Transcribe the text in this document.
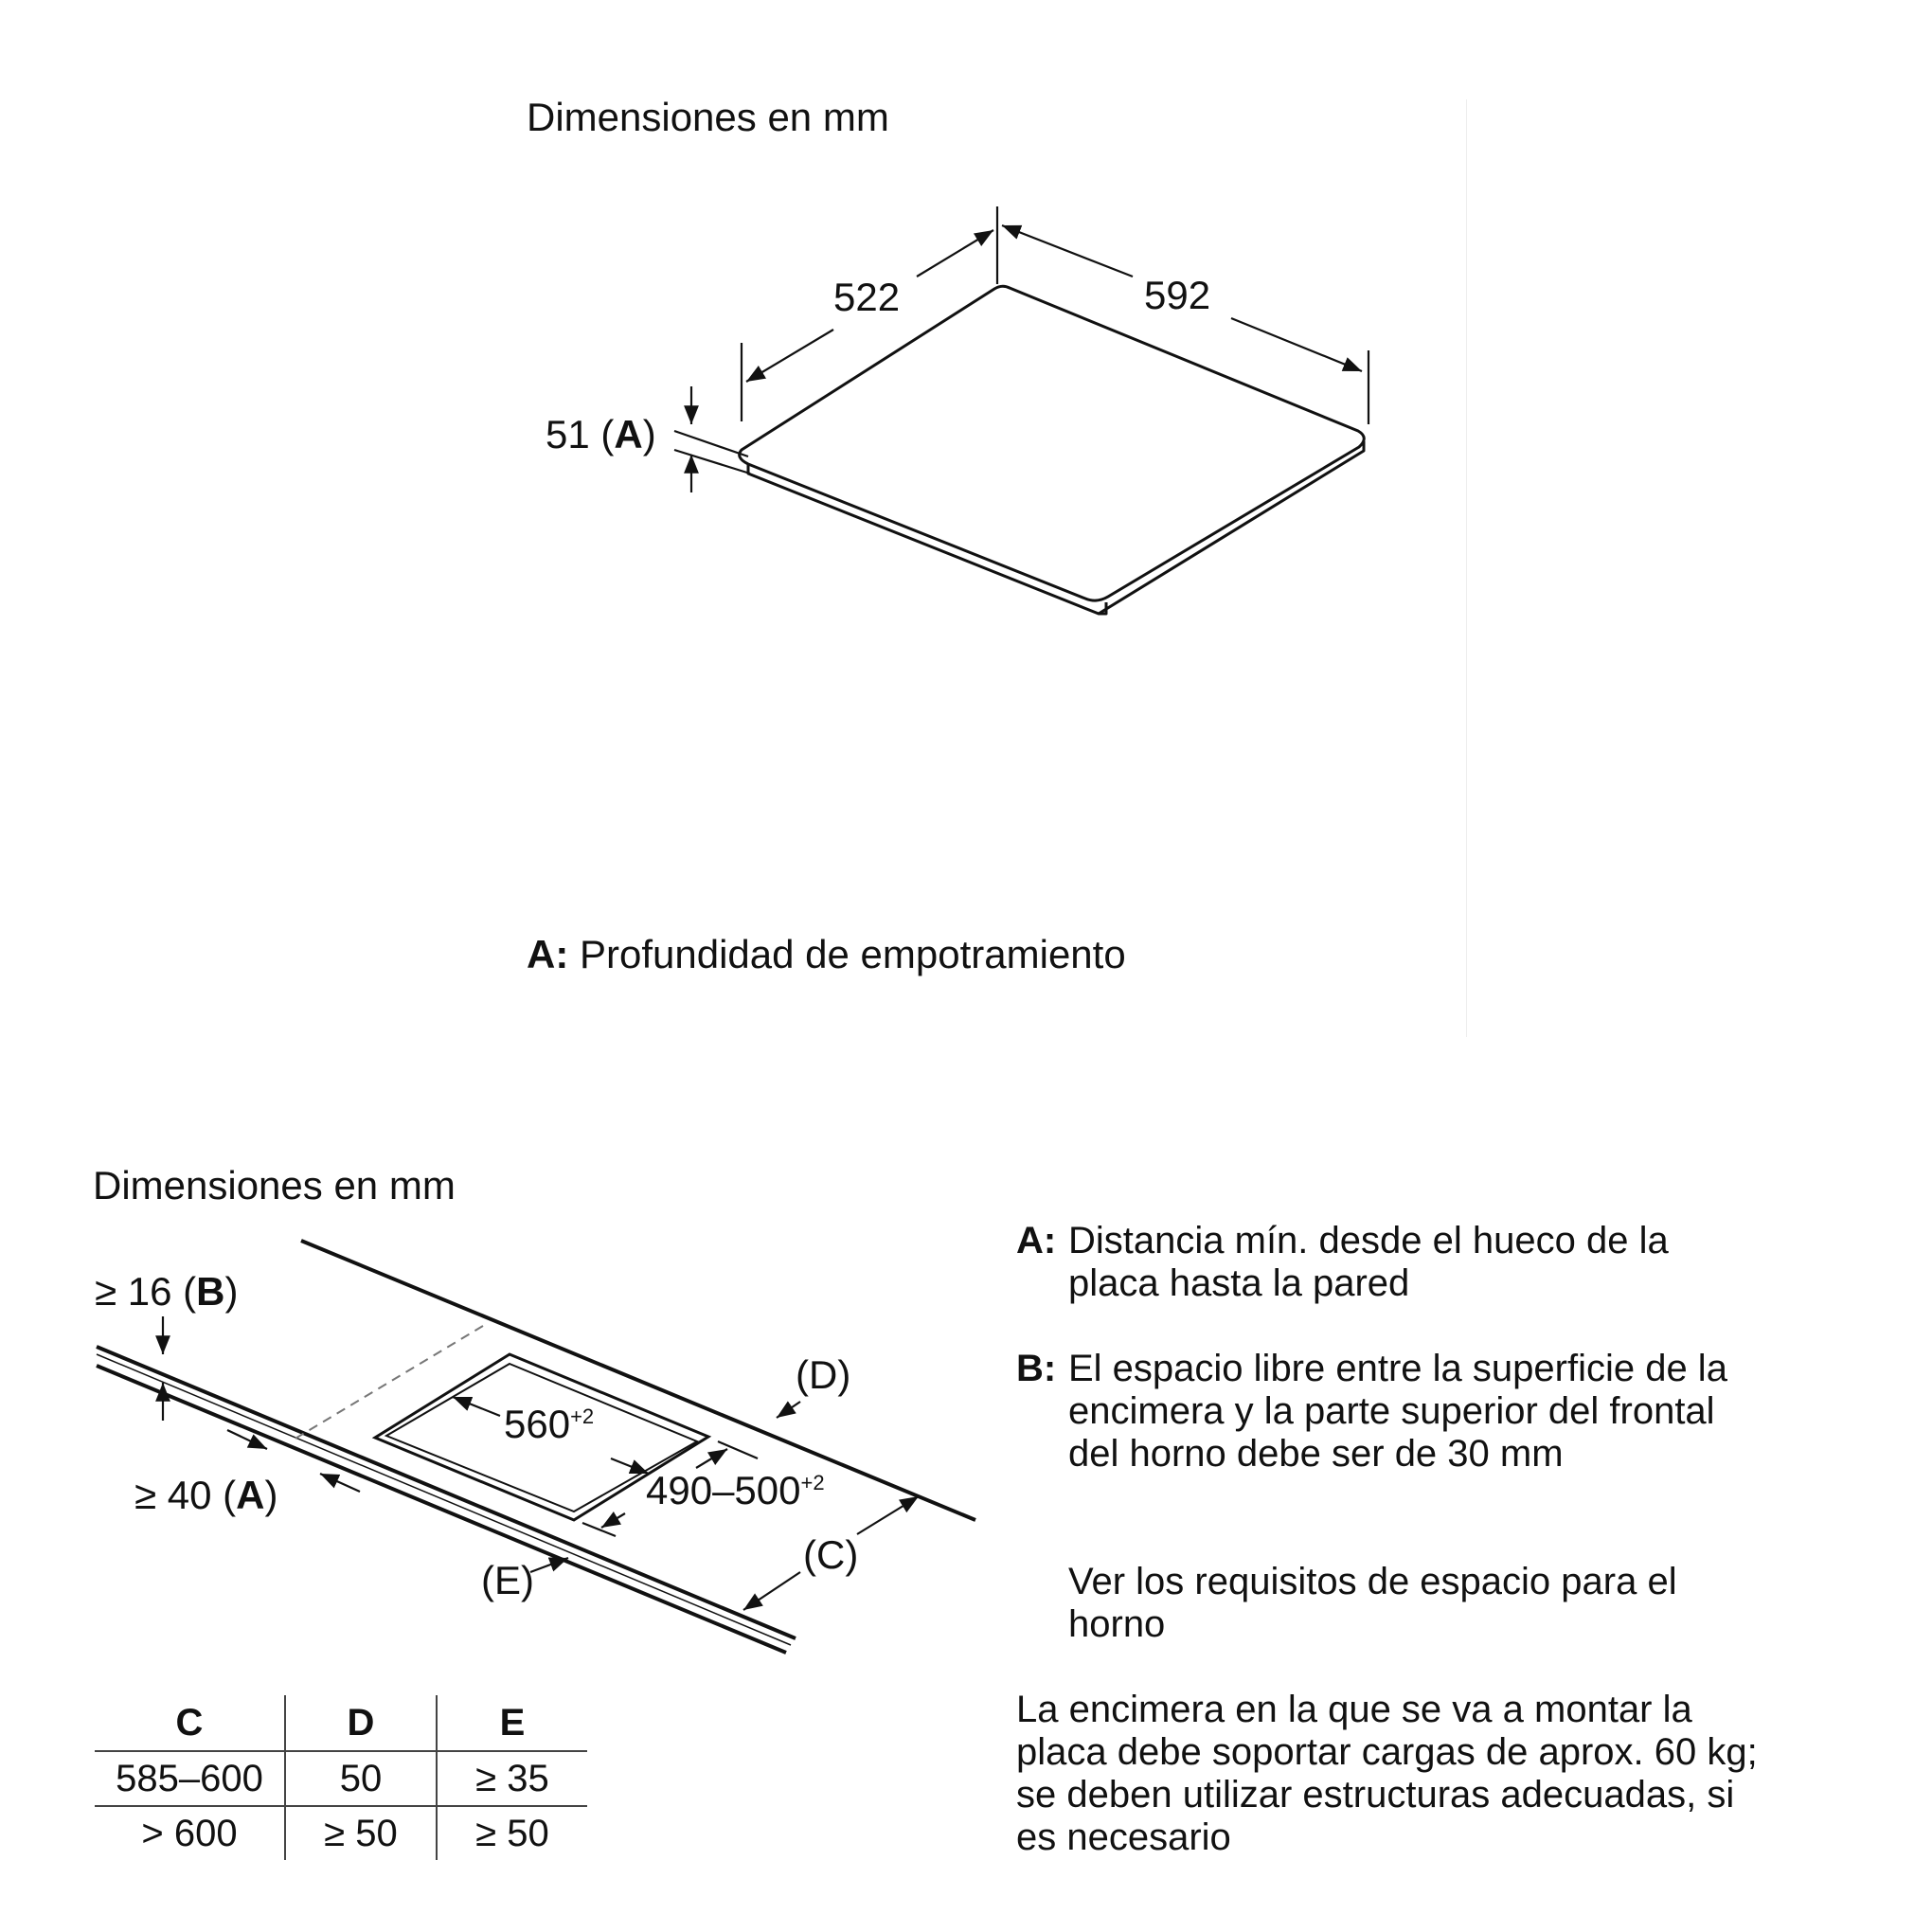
Dimensiones en mm
522	592
51 (A)
A: Profundidad de empotramiento
Dimensiones en mm
≥ 16 (B)
≥ 40 (A)
(D)
(C)
(E)
$560^{+2}$
$490-500^{+2}$
C	D	E
585–600	50	≥ 35
> 600	≥ 50	≥ 50
A: Distancia mín. desde el hueco de la
placa hasta la pared
B: El espacio libre entre la superficie de la
encimera y la parte superior del frontal
del horno debe ser de 30 mm
Ver los requisitos de espacio para el
horno
La encimera en la que se va a montar la
placa debe soportar cargas de aprox. 60 kg;
se deben utilizar estructuras adecuadas, si
es necesario
